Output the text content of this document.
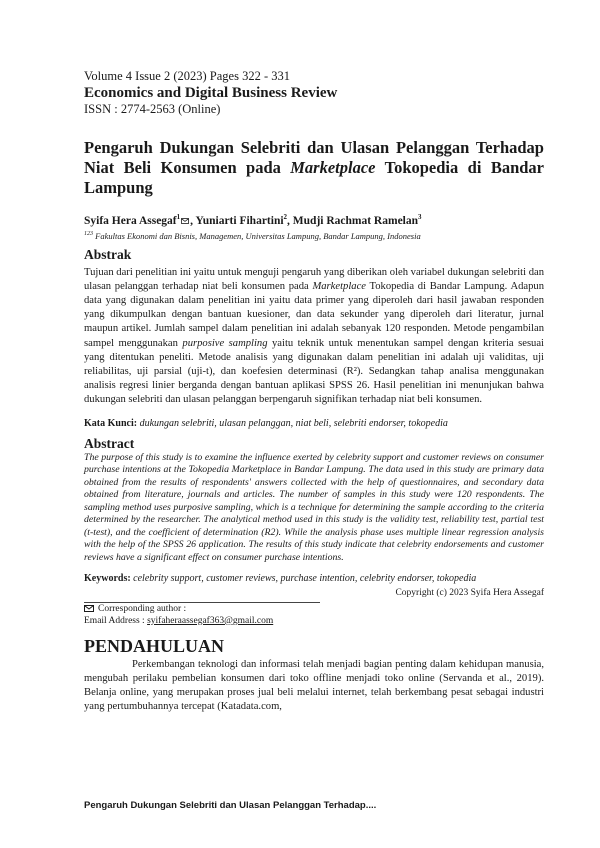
Volume 4 Issue 2 (2023) Pages 322 - 331
Economics and Digital Business Review
ISSN : 2774-2563 (Online)
Pengaruh Dukungan Selebriti dan Ulasan Pelanggan Terhadap Niat Beli Konsumen pada Marketplace Tokopedia di Bandar Lampung
Syifa Hera Assegaf$^1$ , Yuniarti Fihartini$^2$, Mudji Rachmat Ramelan$^3$
$^{123}$ Fakultas Ekonomi dan Bisnis, Managemen, Universitas Lampung, Bandar Lampung, Indonesia
Abstrak
Tujuan dari penelitian ini yaitu untuk menguji pengaruh yang diberikan oleh variabel dukungan selebriti dan ulasan pelanggan terhadap niat beli konsumen pada Marketplace Tokopedia di Bandar Lampung. Adapun data yang digunakan dalam penelitian ini yaitu data primer yang diperoleh dari hasil jawaban responden yang dikumpulkan dengan bantuan kuesioner, dan data sekunder yang diperoleh dari literatur, jurnal maupun artikel. Jumlah sampel dalam penelitian ini adalah sebanyak 120 responden. Metode pengambilan sampel menggunakan purposive sampling yaitu teknik untuk menentukan sampel dengan kriteria sesuai yang ditentukan peneliti. Metode analisis yang digunakan dalam penelitian ini adalah uji validitas, uji reliabilitas, uji parsial (uji-t), dan koefesien determinasi (R²). Sedangkan tahap analisa menggunakan analisis regresi linier berganda dengan bantuan aplikasi SPSS 26. Hasil penelitian ini menunjukan bahwa dukungan selebriti dan ulasan pelanggan berpengaruh signifikan terhadap niat beli konsumen.
Kata Kunci: dukungan selebriti, ulasan pelanggan, niat beli, selebriti endorser, tokopedia
Abstract
The purpose of this study is to examine the influence exerted by celebrity support and customer reviews on consumer purchase intentions at the Tokopedia Marketplace in Bandar Lampung. The data used in this study are primary data obtained from the results of respondents' answers collected with the help of questionnaires, and secondary data obtained from literature, journals and articles. The number of samples in this study were 120 respondents. The sampling method uses purposive sampling, which is a technique for determining the sample according to the criteria determined by the researcher. The analytical method used in this study is the validity test, reliability test, partial test (t-test), and the coefficient of determination (R2). While the analysis phase uses multiple linear regression analysis with the help of the SPSS 26 application. The results of this study indicate that celebrity endorsements and customer reviews have a significant effect on consumer purchase intentions.
Keywords: celebrity support, customer reviews, purchase intention, celebrity endorser, tokopedia
Copyright (c) 2023 Syifa Hera Assegaf
Corresponding author :
Email Address : syifaheraassegaf363@gmail.com
PENDAHULUAN
Perkembangan teknologi dan informasi telah menjadi bagian penting dalam kehidupan manusia, mengubah perilaku pembelian konsumen dari toko offline menjadi toko online (Servanda et al., 2019). Belanja online, yang merupakan proses jual beli melalui internet, telah berkembang pesat sebagai industri yang pertumbuhannya tercepat (Katadata.com,
Pengaruh Dukungan Selebriti dan Ulasan Pelanggan Terhadap....
